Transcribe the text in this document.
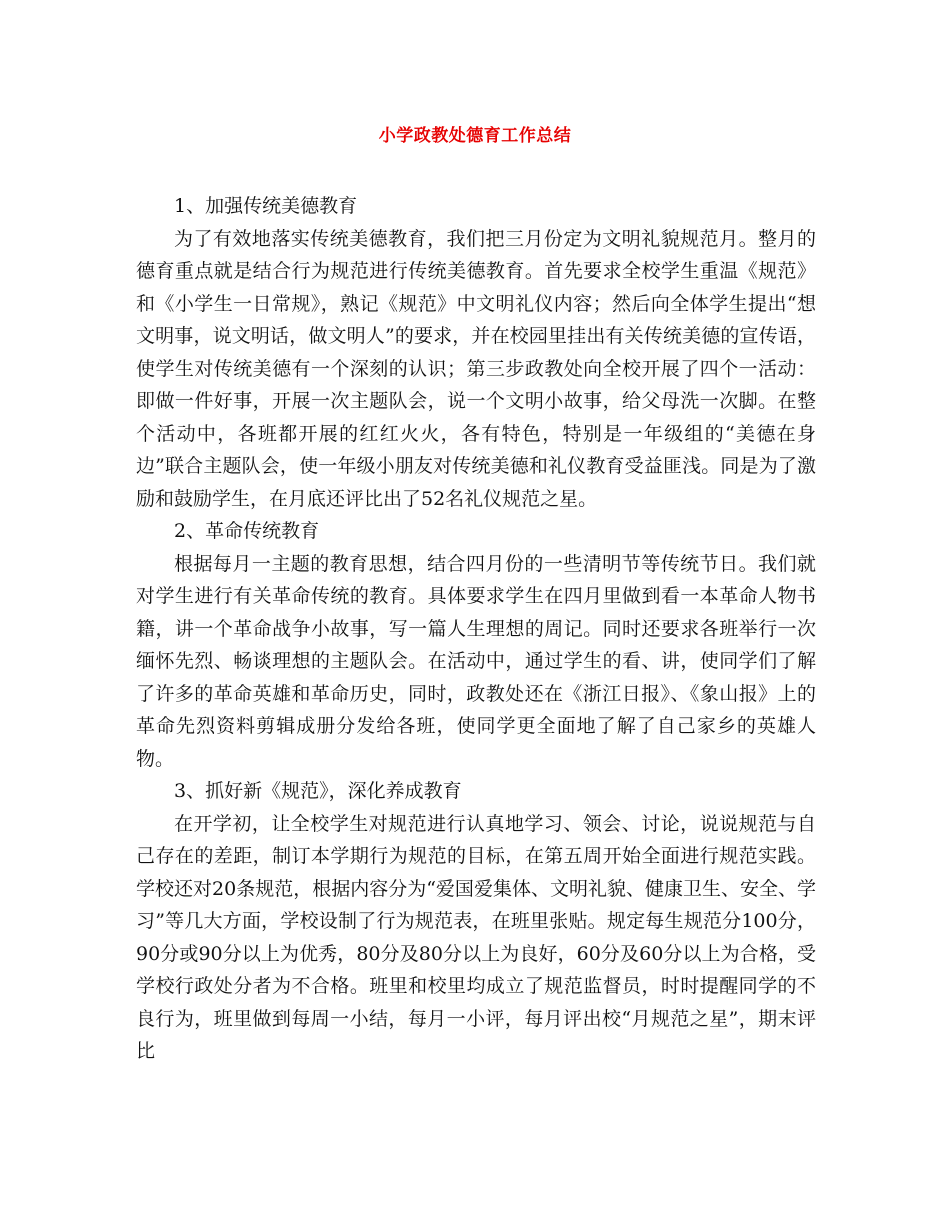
小学政教处德育工作总结

1、加强传统美德教育

为了有效地落实传统美德教育，我们把三月份定为文明礼貌规范月。整月的德育重点就是结合行为规范进行传统美德教育。首先要求全校学生重温《规范》和《小学生一日常规》，熟记《规范》中文明礼仪内容；然后向全体学生提出“想文明事，说文明话，做文明人”的要求，并在校园里挂出有关传统美德的宣传语，使学生对传统美德有一个深刻的认识；第三步政教处向全校开展了四个一活动：即做一件好事，开展一次主题队会，说一个文明小故事，给父母洗一次脚。在整个活动中，各班都开展的红红火火，各有特色，特别是一年级组的“美德在身边”联合主题队会，使一年级小朋友对传统美德和礼仪教育受益匪浅。同是为了激励和鼓励学生，在月底还评比出了52名礼仪规范之星。

2、革命传统教育

根据每月一主题的教育思想，结合四月份的一些清明节等传统节日。我们就对学生进行有关革命传统的教育。具体要求学生在四月里做到看一本革命人物书籍，讲一个革命战争小故事，写一篇人生理想的周记。同时还要求各班举行一次缅怀先烈、畅谈理想的主题队会。在活动中，通过学生的看、讲，使同学们了解了许多的革命英雄和革命历史，同时，政教处还在《浙江日报》、《象山报》上的革命先烈资料剪辑成册分发给各班，使同学更全面地了解了自己家乡的英雄人物。

3、抓好新《规范》，深化养成教育

在开学初，让全校学生对规范进行认真地学习、领会、讨论，说说规范与自己存在的差距，制订本学期行为规范的目标，在第五周开始全面进行规范实践。学校还对20条规范，根据内容分为“爱国爱集体、文明礼貌、健康卫生、安全、学习”等几大方面，学校设制了行为规范表，在班里张贴。规定每生规范分100分，90分或90分以上为优秀，80分及80分以上为良好，60分及60分以上为合格，受学校行政处分者为不合格。班里和校里均成立了规范监督员，时时提醒同学的不良行为，班里做到每周一小结，每月一小评，每月评出校“月规范之星”，期末评比
